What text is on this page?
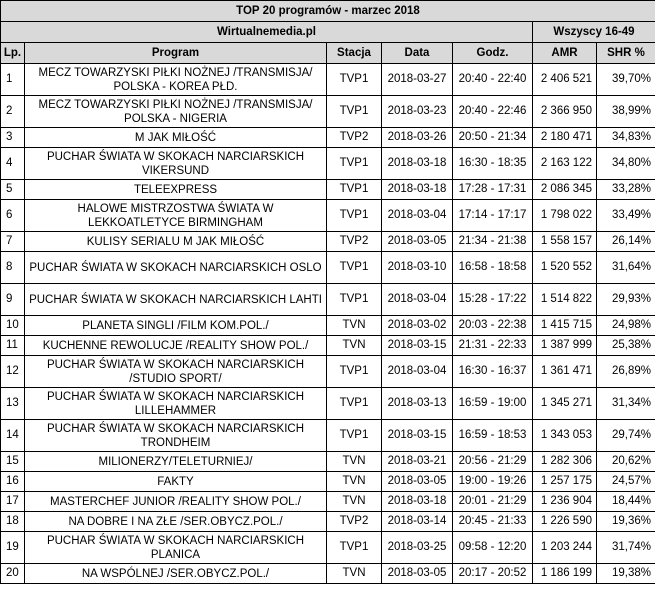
TOP 20 programów - marzec 2018						
Wirtualnemedia.pl					Wszyscy 16-49	
Lp.	Program	Stacja	Data	Godz.	AMR	SHR %
1	MECZ TOWARZYSKI PIŁKI NOŻNEJ /TRANSMISJA/ POLSKA - KOREA PŁD.	TVP1	2018-03-27	20:40 - 22:40	2 406 521	39,70%
2	MECZ TOWARZYSKI PIŁKI NOŻNEJ /TRANSMISJA/ POLSKA - NIGERIA	TVP1	2018-03-23	20:40 - 22:46	2 366 950	38,99%
3	M JAK MIŁOŚĆ	TVP2	2018-03-26	20:50 - 21:34	2 180 471	34,83%
4	PUCHAR ŚWIATA W SKOKACH NARCIARSKICH VIKERSUND	TVP1	2018-03-18	16:30 - 18:35	2 163 122	34,80%
5	TELEEXPRESS	TVP1	2018-03-18	17:28 - 17:31	2 086 345	33,28%
6	HALOWE MISTRZOSTWA ŚWIATA W LEKKOATLETYCE BIRMINGHAM	TVP1	2018-03-04	17:14 - 17:17	1 798 022	33,49%
7	KULISY SERIALU M JAK MIŁOŚĆ	TVP2	2018-03-05	21:34 - 21:38	1 558 157	26,14%
8	PUCHAR ŚWIATA W SKOKACH NARCIARSKICH OSLO	TVP1	2018-03-10	16:58 - 18:58	1 520 552	31,64%
9	PUCHAR ŚWIATA W SKOKACH NARCIARSKICH LAHTI	TVP1	2018-03-04	15:28 - 17:22	1 514 822	29,93%
10	PLANETA SINGLI /FILM KOM.POL./	TVN	2018-03-02	20:03 - 22:38	1 415 715	24,98%
11	KUCHENNE REWOLUCJE /REALITY SHOW POL./	TVN	2018-03-15	21:31 - 22:33	1 387 999	25,38%
12	PUCHAR ŚWIATA W SKOKACH NARCIARSKICH /STUDIO SPORT/	TVP1	2018-03-04	16:30 - 16:37	1 361 471	26,89%
13	PUCHAR ŚWIATA W SKOKACH NARCIARSKICH LILLEHAMMER	TVP1	2018-03-13	16:59 - 19:00	1 345 271	31,34%
14	PUCHAR ŚWIATA W SKOKACH NARCIARSKICH TRONDHEIM	TVP1	2018-03-15	16:59 - 18:53	1 343 053	29,74%
15	MILIONERZY/TELETURNIEJ/	TVN	2018-03-21	20:56 - 21:29	1 282 306	20,62%
16	FAKTY	TVN	2018-03-05	19:00 - 19:26	1 257 175	24,57%
17	MASTERCHEF JUNIOR /REALITY SHOW POL./	TVN	2018-03-18	20:01 - 21:29	1 236 904	18,44%
18	NA DOBRE I NA ZŁE /SER.OBYCZ.POL./	TVP2	2018-03-14	20:45 - 21:33	1 226 590	19,36%
19	PUCHAR ŚWIATA W SKOKACH NARCIARSKICH PLANICA	TVP1	2018-03-25	09:58 - 12:20	1 203 244	31,74%
20	NA WSPÓLNEJ /SER.OBYCZ.POL./	TVN	2018-03-05	20:17 - 20:52	1 186 199	19,38%
